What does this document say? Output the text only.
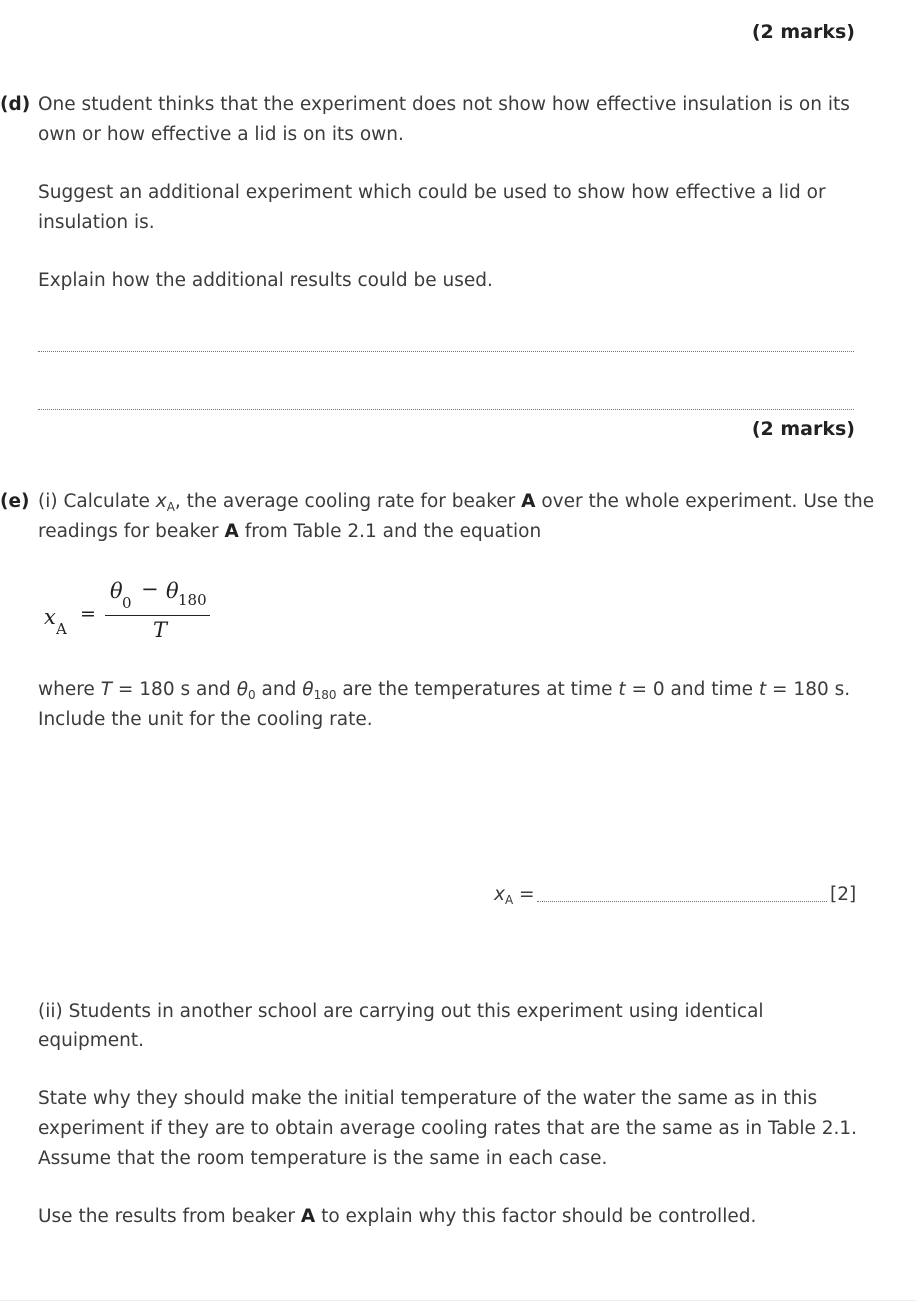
(2 marks)
(d) One student thinks that the experiment does not show how effective insulation is on its
own or how effective a lid is on its own.
Suggest an additional experiment which could be used to show how effective a lid or
insulation is.
Explain how the additional results could be used.
(2 marks)
(e) (i) Calculate $x_A$, the average cooling rate for beaker A over the whole experiment. Use the
readings for beaker A from Table 2.1 and the equation
x A
=
θ 0
− θ 180
T
where T = 180 s and $\theta_0$ and $\theta_{180}$ are the temperatures at time t = 0 and time t = 180 s.
Include the unit for the cooling rate.
$x_A$ =	[2]
(ii) Students in another school are carrying out this experiment using identical
equipment.
State why they should make the initial temperature of the water the same as in this
experiment if they are to obtain average cooling rates that are the same as in Table 2.1.
Assume that the room temperature is the same in each case.
Use the results from beaker A to explain why this factor should be controlled.
